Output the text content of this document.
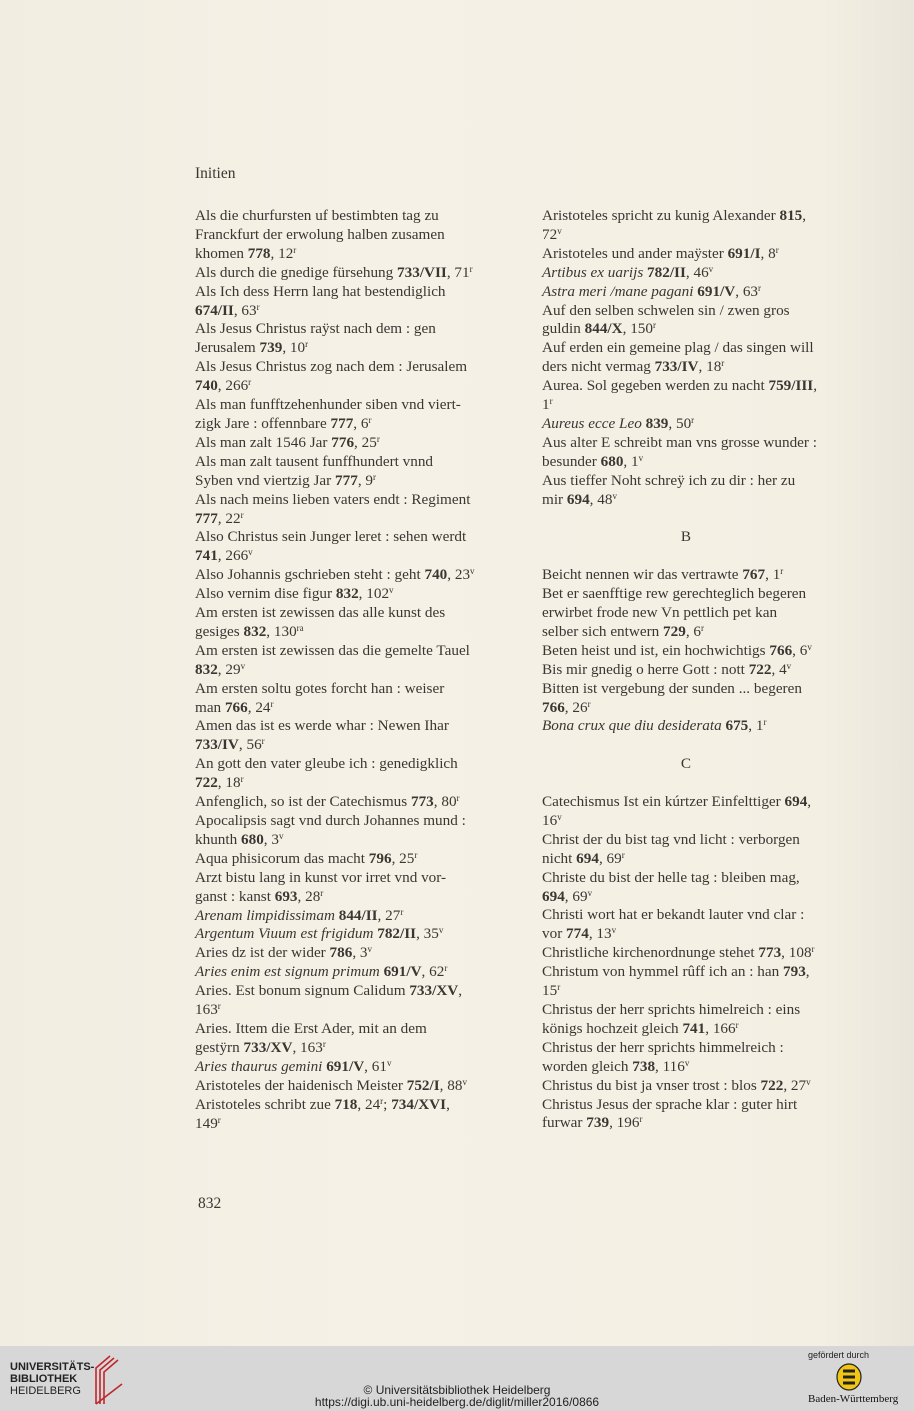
Initien
Als die churfursten uf bestimbten tag zu
Franckfurt der erwolung halben zusamen
khomen 778, 12$^r$
Als durch die gnedige fürsehung 733/VII, 71$^r$
Als Ich dess Herrn lang hat bestendiglich
674/II, 63$^r$
Als Jesus Christus raÿst nach dem : gen
Jerusalem 739, 10$^r$
Als Jesus Christus zog nach dem : Jerusalem
740, 266$^r$
Als man funfftzehenhunder siben vnd viert-
zigk Jare : offennbare 777, 6$^r$
Als man zalt 1546 Jar 776, 25$^r$
Als man zalt tausent funffhundert vnnd
Syben vnd viertzig Jar 777, 9$^r$
Als nach meins lieben vaters endt : Regiment
777, 22$^r$
Also Christus sein Junger leret : sehen werdt
741, 266$^v$
Also Johannis gschrieben steht : geht 740, 23$^v$
Also vernim dise figur 832, 102$^v$
Am ersten ist zewissen das alle kunst des
gesiges 832, $130^{ra}$
Am ersten ist zewissen das die gemelte Tauel
832, 29$^v$
Am ersten soltu gotes forcht han : weiser
man 766, 24$^r$
Amen das ist es werde whar : Newen Ihar
733/IV, 56$^r$
An gott den vater gleube ich : genedigklich
722, 18$^r$
Anfenglich, so ist der Catechismus 773, 80$^r$
Apocalipsis sagt vnd durch Johannes mund :
khunth 680, 3$^v$
Aqua phisicorum das macht 796, 25$^r$
Arzt bistu lang in kunst vor irret vnd vor-
ganst : kanst 693, 28$^r$
Arenam limpidissimam 844/II, 27$^r$
Argentum Viuum est frigidum 782/II, 35$^v$
Aries dz ist der wider 786, 3$^v$
Aries enim est signum primum 691/V, 62$^r$
Aries. Est bonum signum Calidum 733/XV,
163$^r$
Aries. Ittem die Erst Ader, mit an dem
gestÿrn 733/XV, 163$^r$
Aries thaurus gemini 691/V, 61$^v$
Aristoteles der haidenisch Meister 752/I, 88$^v$
Aristoteles schribt zue 718, 24$^r$; 734/XVI,
149$^r$
Aristoteles spricht zu kunig Alexander 815,
72$^v$
Aristoteles und ander maÿster 691/I, 8$^r$
Artibus ex uarijs 782/II, 46$^v$
Astra meri /mane pagani 691/V, 63$^r$
Auf den selben schwelen sin / zwen gros
guldin 844/X, 150$^r$
Auf erden ein gemeine plag / das singen will
ders nicht vermag 733/IV, 18$^r$
Aurea. Sol gegeben werden zu nacht 759/III,
1$^r$
Aureus ecce Leo 839, 50$^r$
Aus alter E schreibt man vns grosse wunder :
besunder 680, 1$^v$
Aus tieffer Noht schreÿ ich zu dir : her zu
mir 694, 48$^v$
B
Beicht nennen wir das vertrawte 767, 1$^r$
Bet er saenfftige rew gerechteglich begeren
erwirbet frode new Vn pettlich pet kan
selber sich entwern 729, 6$^r$
Beten heist und ist, ein hochwichtigs 766, 6$^v$
Bis mir gnedig o herre Gott : nott 722, 4$^v$
Bitten ist vergebung der sunden ... begeren
766, 26$^r$
Bona crux que diu desiderata 675, 1$^r$
C
Catechismus Ist ein kúrtzer Einfelttiger 694,
16$^v$
Christ der du bist tag vnd licht : verborgen
nicht 694, 69$^r$
Christe du bist der helle tag : bleiben mag,
694, 69$^v$
Christi wort hat er bekandt lauter vnd clar :
vor 774, 13$^v$
Christliche kirchenordnunge stehet 773, 108$^r$
Christum von hymmel rûff ich an : han 793,
15$^r$
Christus der herr sprichts himelreich : eins
königs hochzeit gleich 741, 166$^r$
Christus der herr sprichts himmelreich :
worden gleich 738, 116$^v$
Christus du bist ja vnser trost : blos 722, 27$^v$
Christus Jesus der sprache klar : guter hirt
furwar 739, 196$^r$
832
UNIVERSITÄTS-
BIBLIOTHEK
HEIDELBERG	© Universitätsbibliothek Heidelberg
https://digi.ub.uni-heidelberg.de/diglit/miller2016/0866
gefördert durch
Baden-Württemberg
